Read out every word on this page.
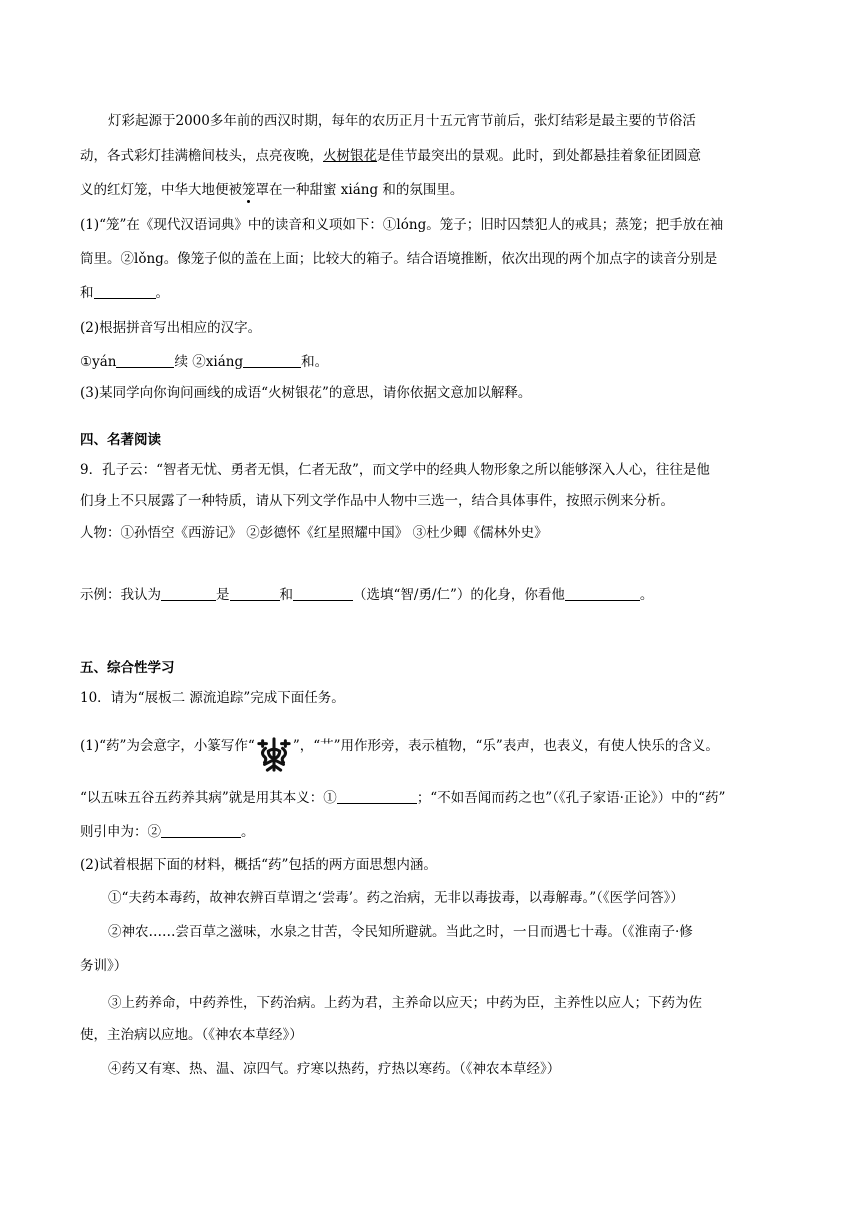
灯彩起源于2000多年前的西汉时期，每年的农历正月十五元宵节前后，张灯结彩是最主要的节俗活
动，各式彩灯挂满檐间枝头，点亮夜晚，火树银花是佳节最突出的景观。此时，到处都悬挂着象征团圆意
义的红灯笼，中华大地便被笼罩在一种甜蜜 xiáng 和的氛围里。
(1)“笼”在《现代汉语词典》中的读音和义项如下：①lóng。笼子；旧时囚禁犯人的戒具；蒸笼；把手放在袖
筒里。②lǒng。像笼子似的盖在上面；比较大的箱子。结合语境推断，依次出现的两个加点字的读音分别是
和	。
(2)根据拼音写出相应的汉字。
①yán	续 ②xiáng	和。
(3)某同学向你询问画线的成语“火树银花”的意思，请你依据文意加以解释。
四、名著阅读
9．孔子云：“智者无忧、勇者无惧，仁者无敌”，而文学中的经典人物形象之所以能够深入人心，往往是他
们身上不只展露了一种特质，请从下列文学作品中人物中三选一，结合具体事件，按照示例来分析。
人物：①孙悟空《西游记》 ②彭德怀《红星照耀中国》 ③杜少卿《儒林外史》
示例：我认为	是	和	（选填“智/勇/仁”）的化身，你看他	。
五、综合性学习
10．请为“展板二 源流追踪”完成下面任务。
(1)“药”为会意字，小篆写作“	”，“艹”用作形旁，表示植物，“乐”表声，也表义，有使人快乐的含义。
“以五味五谷五药养其病”就是用其本义：①	；“不如吾闻而药之也”（《孔子家语·正论》）中的“药”
则引申为：②	。
(2)试着根据下面的材料，概括“药”包括的两方面思想内涵。
①“夫药本毒药，故神农辨百草谓之‘尝毒’。药之治病，无非以毒拔毒，以毒解毒。”（《医学问答》）
②神农……尝百草之滋味，水泉之甘苦，令民知所避就。当此之时，一日而遇七十毒。（《淮南子·修
务训》）
③上药养命，中药养性，下药治病。上药为君，主养命以应天；中药为臣，主养性以应人；下药为佐
使，主治病以应地。（《神农本草经》）
④药又有寒、热、温、凉四气。疗寒以热药，疗热以寒药。（《神农本草经》）
